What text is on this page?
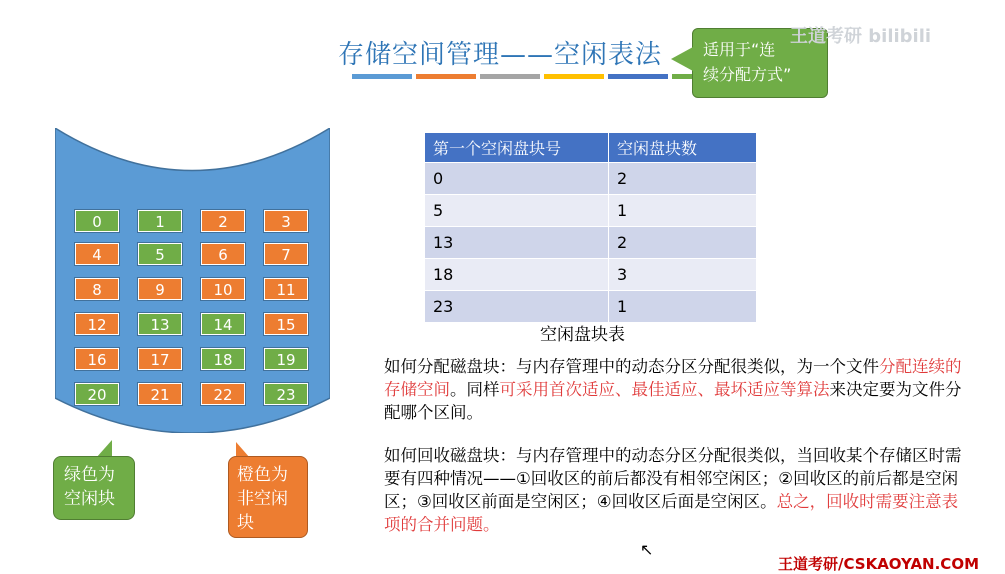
存储空间管理——空闲表法	适用于“连
续分配方式”
王道考研 bilibili
0	1	2	3
4	5	6	7
8	9	10	11
12	13	14	15
16	17	18	19
20	21	22	23
绿色为
空闲块
橙色为
非空闲
块
第一个空闲盘块号	空闲盘块数
0	2
5	1
13	2
18	3
23	1
空闲盘块表
如何分配磁盘块：与内存管理中的动态分区分配很类似，为一个文件分配连续的存储空间。同样可采用首次适应、最佳适应、最坏适应等算法来决定要为文件分配哪个区间。
如何回收磁盘块：与内存管理中的动态分区分配很类似，当回收某个存储区时需要有四种情况——①回收区的前后都没有相邻空闲区；②回收区的前后都是空闲区；③回收区前面是空闲区；④回收区后面是空闲区。总之，回收时需要注意表项的合并问题。
↖
王道考研/CSKAOYAN.COM
